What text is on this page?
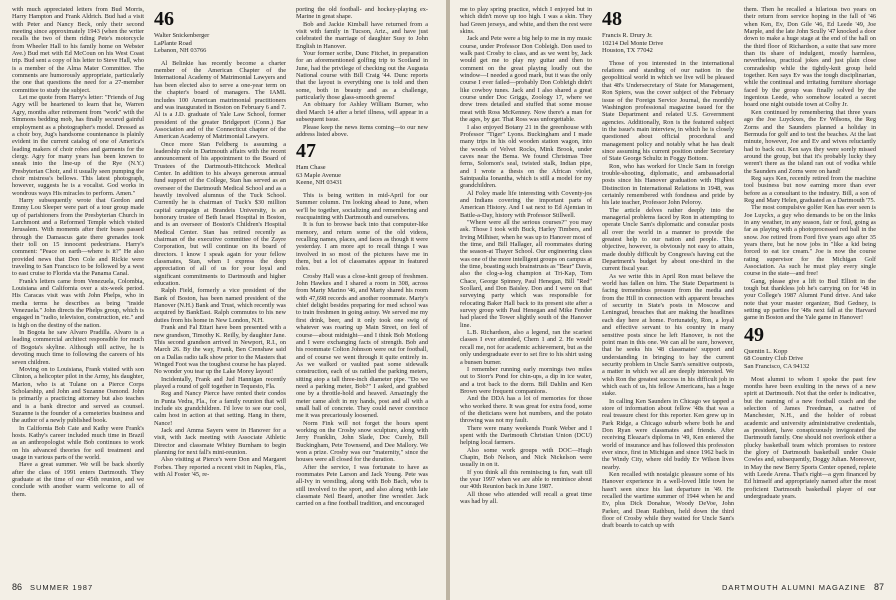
with much appreciated letters from Bud Morris, Harry Hampton and Frank Aldrich. Bud had a visit with Peter and Nancy Beck, only their second meeting since approximately 1943 (when the writer recalls the two of them riding Pete's motorcycle from Wheeler Hall to his family home on Webster Ave.) Bud met with Ed McCoun on his West Coast trip. Bud sent a copy of his letter to Steve Hall, who is a member of the Alma Mater Committee. The comments are humorously appropriate, particularly the one that questions the need for a 27-member committee to study the subject.

Let me quote from Harry's letter: "Friends of Jug Agry will be heartened to learn that he, Warren Agry, months after retirement from "work" with the Simmons bedding mob, has finally secured gainful employment as a photographer's model. Dressed as a choir boy, Jug's handsome countenance is plainly evident in the current catalog of one of America's leading makers of choir robes and garments for the clergy. Agry for many years has been known to sneak into the line-up of the Rye (N.Y.) Presbyterian Choir, and it usually seen pumping the choir mistress's bellows. This latest photograph, however, suggests he is a vocalist. God works in wondrous ways His miracles to perform. Amen."

Harry subsequently wrote that Gordon and Emmy Lou Sleeper were part of a tour group made up of parishioners from the Presbyterian Church in Larchmont and a Reformed Temple which visited Jerusalem. With moments after their buses passed through the Damascus gate there grenades took their toll on 15 innocent pedestrians. Harry's comment: "Peace on earth—where is it?" He also provided news that Don Cole and Rickie were traveling to San Francisco to be followed by a west to east cruise to Florida via the Panama Canal.

Frank's letters came from Venezuela, Colombia, Louisiana and California over a six-week period. His Caracas visit was with John Phelps, who in media terms he describes as being "inside Venezuela." John directs the Phelps group, which is engaged in "radio, television, construction, etc." and is high on the destiny of the nation.

In Bogota he saw Alvaro Pradilla. Alvaro is a leading commercial architect responsible for much of Bogota's skyline. Although still active, he is devoting much time to following the careers of his seven children.

Moving on to Louisiana, Frank visited with son Clinton, a helicopter pilot in the Army, his daughter, Marion, who is at Tulane on a Pierce Corps Scholarship, and John and Suzanne Osmond. John is primarily a practicing attorney but also teaches and is a bank director and served as counsel. Suzanne is the founder of a cemeteries business and the author of a newly published book.

In California Bob Cate and Kathy were Frank's hosts. Kathy's career included much time in Brazil as an anthropologist while Bob continues to work on his advanced theories for soil treatment and usage in various parts of the world.

Have a great summer. We will be back shortly after the class of 1991 enters Dartmouth. They graduate at the time of our 45th reunion, and we conclude with another warm welcome to all of them.

46
Walter Snickenberger
LaPlante Road
Lebanon, NH 03766

Al Belinkie has recently become a charter member of the American Chapter of the International Academy of Matrimonial Lawyers and has been elected also to serve a one-year term on the chapter's board of managers. The IAML includes 100 American matrimonial practitioners and was inaugurated in Boston on February 6 and 7. Al is a J.D. graduate of Yale Law School, former president of the greater Bridgeport (Conn.) Bar Association and of the Connecticut chapter of the American Academy of Matrimonial Lawyers.

Once more Stan Feldberg is assuming a leadership role in Dartmouth affairs with the recent announcement of his appointment to the Board of Trustees of the Dartmouth-Hitchcock Medical Center. In addition to his always generous annual fund support of the College, Stan has served as an overseer of the Dartmouth Medical School and as a heavily involved alumnus of the Tuck School. Currently he is chairman of Tuck's $30 million capital campaign at Brandeis University, is an honorary trustee of Beth Israel Hospital in Boston, and is an overseer of Boston's Children's Hospital Medical Center. Stan has retired recently as chairman of the executive committee of the Zayre Corporation, but will continue on its board of directors. I know I speak again for your fellow classmates, Stan, when I express the deep appreciation of all of us for your loyal and significant commitments to Dartmouth and higher education.

Ralph Field, formerly a vice president of the Bank of Boston, has been named president of the Hanover (N.H.) Bank and Trust, which recently was acquired by BankEast. Ralph commutes to his new duties from his home in New London, N.H.

Frank and Fal Ettari have been presented with a new grandson, Timothy K. Reilly, by daughter Jane. This second grandson arrived in Newport, R.I., on March 26. By the way, Frank, Ben Crenshaw said on a Dallas radio talk show prior to the Masters that Winged Foot was the toughest course he has played. No wonder you tear up the Lake Morey layout!

Incidentally, Frank and Jud Hannigan recently played a round of golf together in Tequesto, Fla.

Reg and Nancy Pierce have rented their condos in Punta Vedra, Fla., for a family reunion that will include six grandchildren. I'd love to see our cool, calm host in action at that setting. Hang in there, Nance!

Jack and Amma Sayers were in Hanover for a visit, with Jack meeting with Associate Athletic Director and classmate Whitey Burnham to begin planning for next fall's mini-reunion.

Also visiting at Pierce's were Don and Margaret Forbes. They reported a recent visit in Naples, Fla., with Al Foster '45, re-

porting the old football- and hockey-playing ex-Marine in great shape.

Bob and Jackie Kimball have returned from a visit with family in Tucson, Ariz., and have just celebrated the marriage of daughter Susy to John English in Hanover.

Your former scribe, Dunc Fitchet, in preparation for an aforementioned golfing trip to Scotland in June, had the privilege of checking out the Augusta National course with Bill Craig '44. Dunc reports that the layout is everything one is told and then some, both in beauty and as a challenge, particularly those glass-smooth greens!

An obituary for Ashley William Burner, who died March 14 after a brief illness, will appear in a subsequent issue.

Please keep the news items coming—to our new address listed above.

47
Ham Chase
63 Maple Avenue
Keene, NH 03431

This is being written in mid-April for our Summer column. I'm looking ahead to June, when we'll be together, socializing and remembering and reacquainting with Dartmouth and ourselves.

It is fun to browse back into that computer-like memory, and return some of the old videos, recalling names, places, and faces as though it were yesterday. I am more apt to recall things I was involved in so most of the pictures have me in them, but a lot of classmates appear in featured roles.

Crosby Hall was a close-knit group of freshmen. John Hawkes and I shared a room in 308, across from Marty Marino '46, and Marty shared his room with 47,698 records and another roommate. Marty's chief delight besides preparing for med school was to train freshmen in going astray. We served me my first drink, beer, and it only took one swig of whatever was roaring up Main Street, on feel of course—about midnight—and I think Bob Motlong and I were exchanging facts of strength. Bob and his roommate Colton Johnson were out for football, and of course we went through it quite entirely in. As we walked or vaulted past some sidewalk construction, each of us rattled the parking meters, sitting atop a tall three-inch diameter pipe. "Do we need a parking meter, Bob?" I asked, and grabbed one by a throttle-hold and heaved. Amazingly the meter came aloft in my hands, post and all with a small ball of concrete. They could never convince me it was precariously loosened.

Norm Fink will not forget the hours spent working on the Crosby snow sculpture, along with Jerry Franklin, John Slade, Doc Curely, Bill Buckingham, Pete Townsend, and Dee Mallory. We won a prize. Crosby was our "maternity," since the houses were all closed for the duration.

After the service, I was fortunate to have as roommates Pete Larson and Jack Young. Pete was all-Ivy in wrestling, along with Bob Bach, who is still involved to the sport, and also along with late classmate Neil Beard, another fine wrestler. Jack carried on a fine football tradition, and encouraged

86 SUMMER 1987

me to play spring practice, which I enjoyed but in which didn't move up too high. I was a skin. They had Green jerseys, and white, and then the rest were skins.

Jack and Pete were a big help to me in my music course, under Professor Don Cobleigh. Don used to walk past Crosby to class, and as we went by, Jack would get me to play my guitar and then to comment on the great playing loudly out the window—I needed a good mark, but it was the only course I ever failed—probably Don Cobleigh didn't like cowboy tunes. Jack and I also shared a great course under Doc Griggs, Zoology 17, where we drew trees detailed and stuffed that some mouse meat with Ross McKenney. Now there's a man for the ages, by gar. That Ross was unforgettable.

I also enjoyed Botany 21 in the greenhouse with Professor "Tiger" Lyons. Buckingham and I made many trips in his old wooden station wagon, into the woods of Velvet Rocks, Mink Brook, under caves near the Bema. We found Christmas Tree ferns, Solomon's seal, twisted stalk, Indian pipe, and I wrote a thesis on the African violet, Saintpaulia Ionantha, which is still a model for my grandchildren.

Al Foley made life interesting with Coventy-jos and Indians covering the important parts of American History. And I sat next to Ed Ajemian in Battle-a-Day, history with Professor Stillwell.

"Where were all the serious courses?" you may ask. Those I took with Buck, Harley Timbers, and Irving Milhiser, when he was up to Hanover most of the time, and Bill Hallager, all roommates during the season-at Thayer School. Our engineering class was one of the more intelligent groups on campus at the time, boasting such brainstrusts as "Bear" Davis, also the clog-a-log champion at Tri-Kap, Tom Chace, George Spinney, Paul Henegan, Bill "Red" Scollard, and Don Baisley. Don and I were on that surveying party which was responsible for relocating Baker Hall back to its present site after a survey group with Paul Henegan and Mike Fender had placed the Tower slightly south of the Hanover line.

L.B. Richardson, also a legend, ran the scariest classes I ever attended, Chem 1 and 2. He would recall me, not for academic achievement, but as the only undergraduate ever to set fire to his shirt using a bunsen burner.

I remember running early mornings two miles out to Storr's Pond for chin-ups, a dip in ice water, and a trot back to the dorm. Bill Dahlin and Ken Brown were frequent companions.

And the DDA has a lot of memories for those who worked there. It was great for extra food, some of the dieticians were hot numbers, and the potato throwing was not my fault.

There were many weekends Frank Weber and I spent with the Dartmouth Christian Union (DCU) helping local farmers.

Also some work groups with DOC—Hugh Chapin, Bob Nelson, and Nick Nickelson were usually in on it.

If you think all this reminiscing is fun, wait till the year 1997 when we are able to reminisce about our 40th Reunion back in June 1987.

All those who attended will recall a great time was had by all.

48
Francis R. Drury Jr.
10214 Del Monte Drive
Houston, TX 77042

Those of you interested in the international relations and standing of our nation in the geopolitical world in which we live will be pleased that 48's Undersecretary of State for Management, Ron Spiers, was the cover subject of the February issue of the Foreign Service Journal, the monthly Washington professional magazine issued for the State Department and related U.S. Government agencies. Additionally, Ron is the featured subject in the issue's main interview, in which he is closely questioned about official procedural and management policy and notably what he has dealt since assuming his current position under Secretary of State George Schultz in Foggy Bottom.

Ron, who has worked for Uncle Sam in foreign trouble-shooting, diplomatic, and ambassadorial posts since his Hanover graduation with Highest Distinction in International Relations in 1948, was certainly remembered with fondness and pride by his late teacher, Professor John Peloroy.

The article delves rather deeply into the managerial problems faced by Ron in attempting to operate Uncle Sam's diplomatic and consular posts all over the world in a manner to provide the greatest help to our nation and people. This objective, however, is obviously not easy to attain, made doubly difficult by Congress's having cut the Department's budget by about one-third in the current fiscal year.

As we write this in April Ron must believe the world has fallen on him. The State Department is facing tremendous pressure from the media and from the Hill in connection with apparent breaches of security in State's posts in Moscow and Leningrad, breaches that are making the headlines each day here at home. Fortunately, Ron, a loyal and effective servant to his country in many sensitive posts since he left Hanover, is not the point man in this one. We can all be sure, however, that he seeks his '48 classmates' support and understanding in bringing to bay the current security problem in Uncle Sam's sensitive outposts, a matter in which we all are deeply interested. We wish Ron the greatest success in his difficult job in which each of us, his fellow Americans, has a huge stake.

In calling Ken Saunders in Chicago we tapped a store of information about fellow '48s that was a real treasure chest for this reporter. Ken grew up in Park Ridge, a Chicago suburb where both he and Don Ryan were classmates and friends. After receiving Eleazar's diploma in '49, Ken entered the world of insurance and has followed this profession ever since, first in Michigan and since 1962 back in the Windy City, where old buddy Ev Wilson lives nearby.

Ken recalled with nostalgic pleasure some of his Hanover experience in a well-loved little town he hasn't seen since his last departure in '49. He recalled the wartime summer of 1944 when he and Ev, plus Dick Donahue, Woody DeVoe, John Parker, and Dean Rathbun, held down the third floor of Crosby while they waited for Uncle Sam's draft boards to catch up with

them. Then he recalled a hilarious two years on their return from service hoping in the fall of '46 when Ken, Ev, Don Gile '46, Ed Leede '49, Joe Marple, and the late John Scully '47 knocked a door down to make a huge stage at the end of the hall on the third floor of Richardson, a suite that saw more than its share of indulgent, mostly harmless, nevertheless, practical jokes and just plain close comradeship while the tightly-knit group held together. Ken says Ev was the tough disciplinarian, while the continual and irritating furniture shortage faced by the group was finally solved by the ingenious Leede, who somehow located a secret hoard one night outside town at Colby Jr.

Ken continued by remembering that three years ago the Joe Luyckxes, the Ev Wilsons, the Reg Zorns and the Saunders planned a holiday in Bermuda for golf and to test the beaches. At the last minute, however, Joe and Ev and wives reluctantly had to back out. Ken says they were sorely missed around the group, but that it's probably lucky they weren't there as the island ran out of vodka while the Saunders and Zorns were on hand!

Reg says Ken, recently retired from the machine tool business but now earning more than ever before as a consultant to the industry. Bill, a son of Reg and Mary Helen, graduated as a Dartmouth '75.

The most compulsive golfer Ken has ever seen is Joe Luyckx, a guy who demands to be on the links in any weather, in any season, fair or foul, going as far as playing with a photoprocessed red ball in the snow. Joe retired from Ford five years ago after 35 years there, but he now jobs in "like a kid being forced to eat ice cream." Joe is now the course rating supervisor for the Michigan Golf Association. As such he must play every single course in the state—and free!

Gang, please give a lift to Bud Elliott in the tough but thankless job he's carrying on for '48 in your College's 1987 Alumni Fund drive. And take note that your master organizer, Bud Gedney, is setting up parties for '48s next fall at the Harvard game in Boston and the Yale game in Hanover!

49
Quentin L. Kopp
68 Country Club Drive
San Francisco, CA 94132

Most alumni to whom I spoke the past few months have been exulting in the news of a new spirit at Dartmouth. Not that the order is indicative, but the naming of a new football coach and the selection of James Freedman, a native of Manchester, N.H., and the holder of robust academic and university administrative credentials, as president, have conspicuously invigorated the Dartmouth family. One should not overlook either a plucky basketball team which promises to restore the glory of Dartmouth basketball under Ossie Cowles and, subsequently, Doggy Julian. Moreover, in May the new Berry Sports Center opened, replete with Leede Arena. That's right—a gym financed by Ed himself and appropriately named after the most proficient Dartmouth basketball player of our undergraduate years.

DARTMOUTH ALUMNI MAGAZINE 87
